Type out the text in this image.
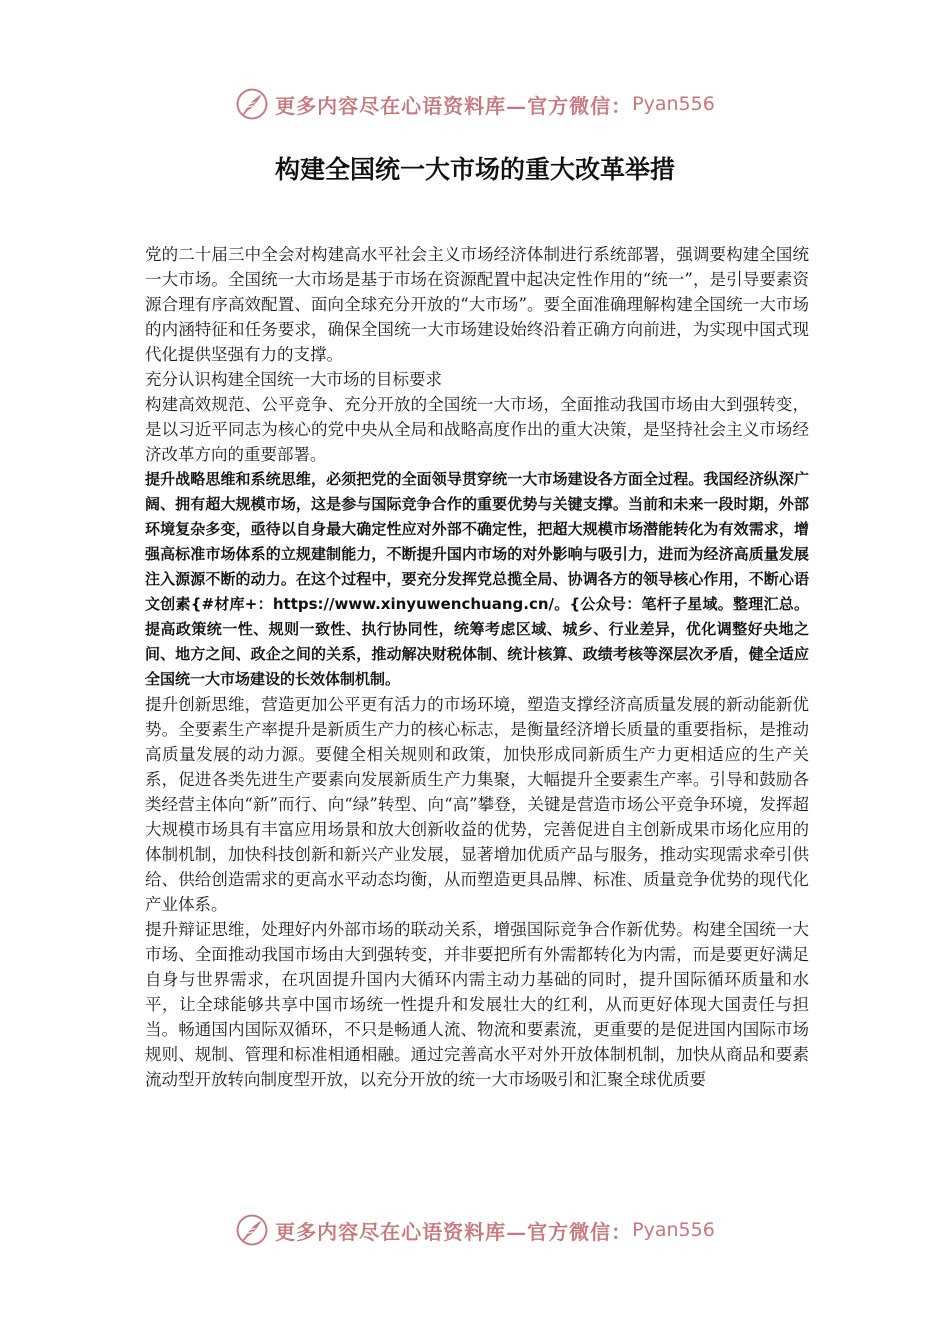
更多内容尽在心语资料库—官方微信： Pyan556
构建全国统一大市场的重大改革举措

党的二十届三中全会对构建高水平社会主义市场经济体制进行系统部署，强调要构建全国统一大市场。全国统一大市场是基于市场在资源配置中起决定性作用的“统一”，是引导要素资源合理有序高效配置、面向全球充分开放的“大市场”。要全面准确理解构建全国统一大市场的内涵特征和任务要求，确保全国统一大市场建设始终沿着正确方向前进，为实现中国式现代化提供坚强有力的支撑。

充分认识构建全国统一大市场的目标要求

构建高效规范、公平竞争、充分开放的全国统一大市场，全面推动我国市场由大到强转变，是以习近平同志为核心的党中央从全局和战略高度作出的重大决策，是坚持社会主义市场经济改革方向的重要部署。

提升战略思维和系统思维，必须把党的全面领导贯穿统一大市场建设各方面全过程。我国经济纵深广阔、拥有超大规模市场，这是参与国际竞争合作的重要优势与关键支撑。当前和未来一段时期，外部环境复杂多变，亟待以自身最大确定性应对外部不确定性，把超大规模市场潜能转化为有效需求，增强高标准市场体系的立规建制能力，不断提升国内市场的对外影响与吸引力，进而为经济高质量发展注入源源不断的动力。在这个过程中，要充分发挥党总揽全局、协调各方的领导核心作用，不断心语文创素{#材库+：https://www.xinyuwenchuang.cn/。{公众号：笔杆子星域。整理汇总。提高政策统一性、规则一致性、执行协同性，统筹考虑区域、城乡、行业差异，优化调整好央地之间、地方之间、政企之间的关系，推动解决财税体制、统计核算、政绩考核等深层次矛盾，健全适应全国统一大市场建设的长效体制机制。

提升创新思维，营造更加公平更有活力的市场环境，塑造支撑经济高质量发展的新动能新优势。全要素生产率提升是新质生产力的核心标志，是衡量经济增长质量的重要指标，是推动高质量发展的动力源。要健全相关规则和政策，加快形成同新质生产力更相适应的生产关系，促进各类先进生产要素向发展新质生产力集聚，大幅提升全要素生产率。引导和鼓励各类经营主体向“新”而行、向“绿”转型、向“高”攀登，关键是营造市场公平竞争环境，发挥超大规模市场具有丰富应用场景和放大创新收益的优势，完善促进自主创新成果市场化应用的体制机制，加快科技创新和新兴产业发展，显著增加优质产品与服务，推动实现需求牵引供给、供给创造需求的更高水平动态均衡，从而塑造更具品牌、标准、质量竞争优势的现代化产业体系。

提升辩证思维，处理好内外部市场的联动关系，增强国际竞争合作新优势。构建全国统一大市场、全面推动我国市场由大到强转变，并非要把所有外需都转化为内需，而是要更好满足自身与世界需求，在巩固提升国内大循环内需主动力基础的同时，提升国际循环质量和水平，让全球能够共享中国市场统一性提升和发展壮大的红利，从而更好体现大国责任与担当。畅通国内国际双循环，不只是畅通人流、物流和要素流，更重要的是促进国内国际市场规则、规制、管理和标准相通相融。通过完善高水平对外开放体制机制，加快从商品和要素流动型开放转向制度型开放，以充分开放的统一大市场吸引和汇聚全球优质要

更多内容尽在心语资料库—官方微信： Pyan556
